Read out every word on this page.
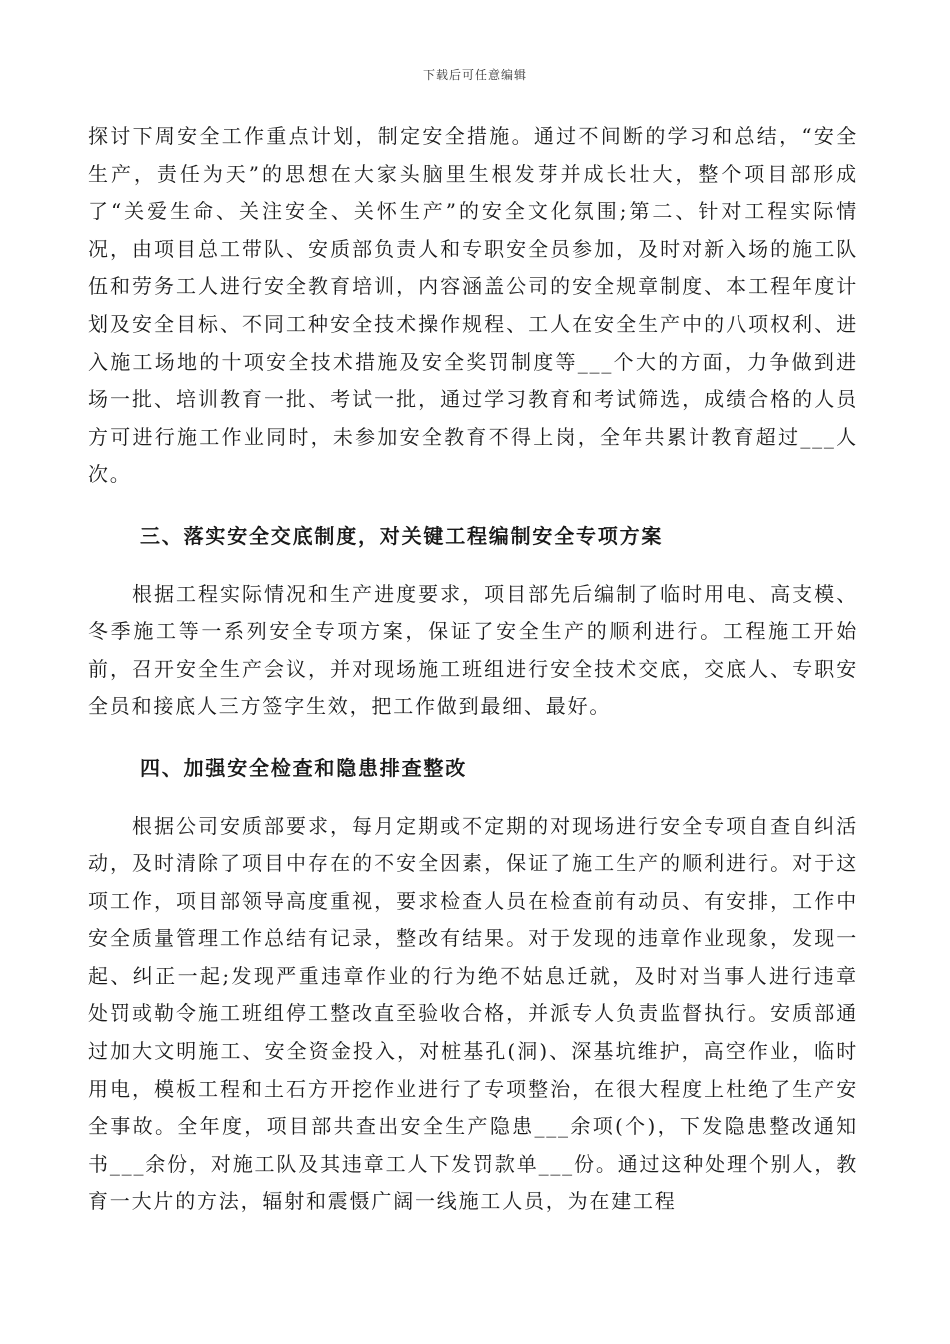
下载后可任意编辑

探讨下周安全工作重点计划，制定安全措施。通过不间断的学习和总结，“安全生产，责任为天”的思想在大家头脑里生根发芽并成长壮大，整个项目部形成了“关爱生命、关注安全、关怀生产”的安全文化氛围;第二、针对工程实际情况，由项目总工带队、安质部负责人和专职安全员参加，及时对新入场的施工队伍和劳务工人进行安全教育培训，内容涵盖公司的安全规章制度、本工程年度计划及安全目标、不同工种安全技术操作规程、工人在安全生产中的八项权利、进入施工场地的十项安全技术措施及安全奖罚制度等___个大的方面，力争做到进场一批、培训教育一批、考试一批，通过学习教育和考试筛选，成绩合格的人员方可进行施工作业同时，未参加安全教育不得上岗，全年共累计教育超过___人次。

三、落实安全交底制度，对关键工程编制安全专项方案

根据工程实际情况和生产进度要求，项目部先后编制了临时用电、高支模、冬季施工等一系列安全专项方案，保证了安全生产的顺利进行。工程施工开始前，召开安全生产会议，并对现场施工班组进行安全技术交底，交底人、专职安全员和接底人三方签字生效，把工作做到最细、最好。

四、加强安全检查和隐患排查整改

根据公司安质部要求，每月定期或不定期的对现场进行安全专项自查自纠活动，及时清除了项目中存在的不安全因素，保证了施工生产的顺利进行。对于这项工作，项目部领导高度重视，要求检查人员在检查前有动员、有安排，工作中安全质量管理工作总结有记录，整改有结果。对于发现的违章作业现象，发现一起、纠正一起;发现严重违章作业的行为绝不姑息迁就，及时对当事人进行违章处罚或勒令施工班组停工整改直至验收合格，并派专人负责监督执行。安质部通过加大文明施工、安全资金投入，对桩基孔(洞)、深基坑维护，高空作业，临时用电，模板工程和土石方开挖作业进行了专项整治，在很大程度上杜绝了生产安全事故。全年度，项目部共查出安全生产隐患___余项(个)，下发隐患整改通知书___余份，对施工队及其违章工人下发罚款单___份。通过这种处理个别人，教育一大片的方法，辐射和震慑广阔一线施工人员，为在建工程
